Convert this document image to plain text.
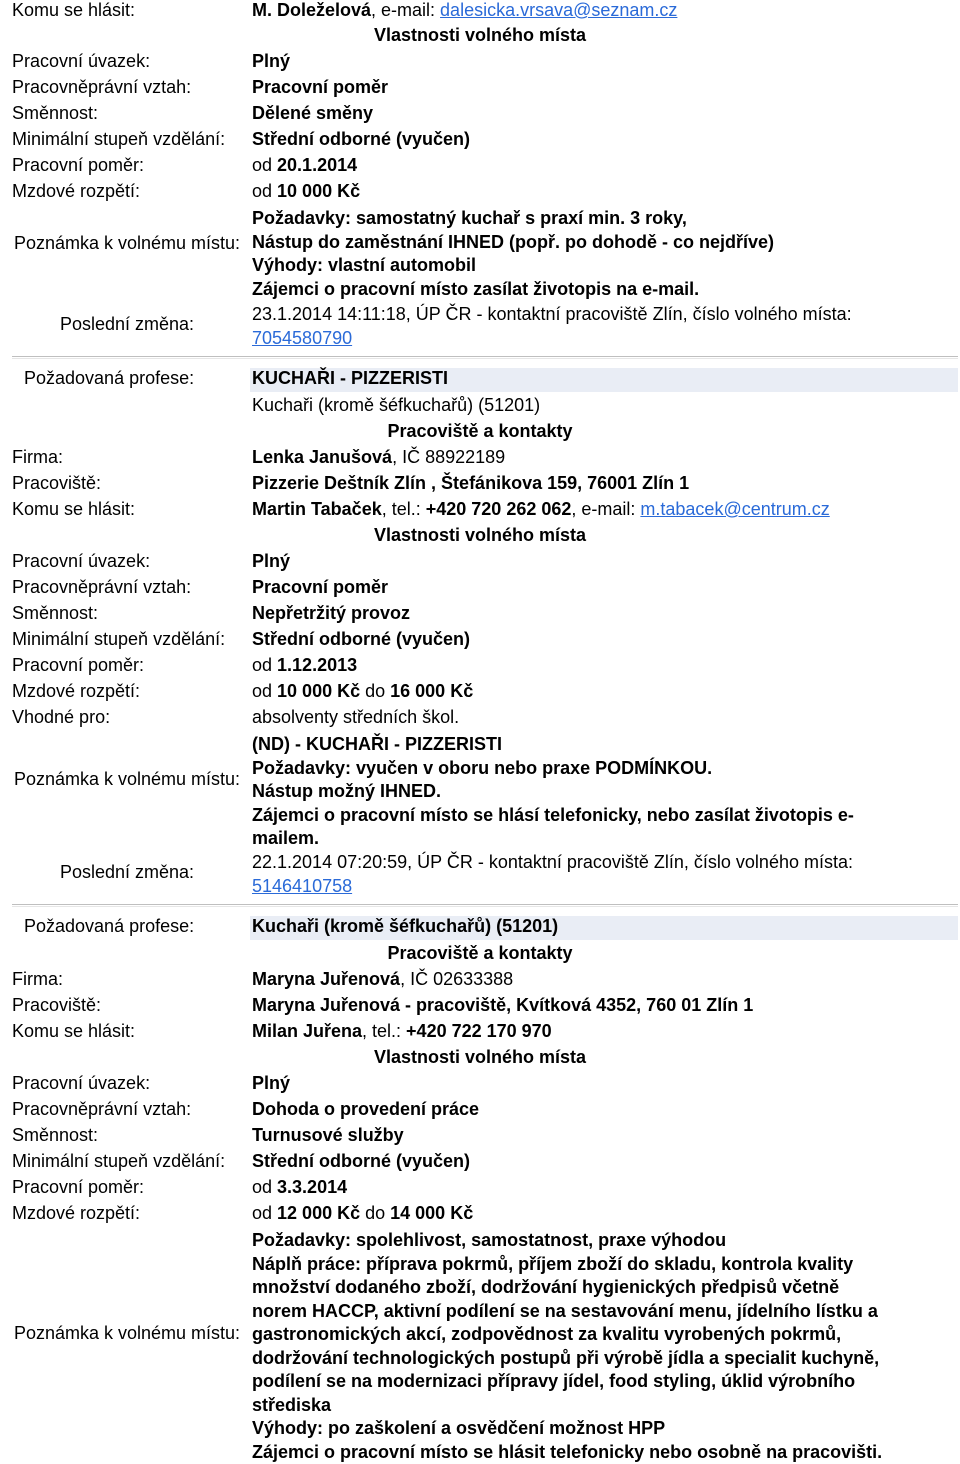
Komu se hlásit:	M. Doleželová, e-mail: dalesicka.vrsava@seznam.cz
Vlastnosti volného místa
Pracovní úvazek:	Plný
Pracovněprávní vztah:	Pracovní poměr
Směnnost:	Dělené směny
Minimální stupeň vzdělání: Střední odborné (vyučen)
Pracovní poměr:	od 20.1.2014
Mzdové rozpětí:	od 10 000 Kč
Poznámka k volnému místu:
Požadavky: samostatný kuchař s praxí min. 3 roky,
Nástup do zaměstnání IHNED (popř. po dohodě - co nejdříve)
Výhody: vlastní automobil
Zájemci o pracovní místo zasílat životopis na e-mail.
Poslední změna:	23.1.2014 14:11:18, ÚP ČR - kontaktní pracoviště Zlín, číslo volného místa:
7054580790
Požadovaná profese:	KUCHAŘI - PIZZERISTI
Kuchaři (kromě šéfkuchařů) (51201)
Pracoviště a kontakty
Firma:	Lenka Janušová, IČ 88922189
Pracoviště:	Pizzerie Deštník Zlín , Štefánikova 159, 76001 Zlín 1
Komu se hlásit:	Martin Tabaček, tel.: +420 720 262 062, e-mail: m.tabacek@centrum.cz
Vlastnosti volného místa
Pracovní úvazek:	Plný
Pracovněprávní vztah:	Pracovní poměr
Směnnost:	Nepřetržitý provoz
Minimální stupeň vzdělání: Střední odborné (vyučen)
Pracovní poměr:	od 1.12.2013
Mzdové rozpětí:	od 10 000 Kč do 16 000 Kč
Vhodné pro:	absolventy středních škol.
Poznámka k volnému místu:
(ND) - KUCHAŘI - PIZZERISTI
Požadavky: vyučen v oboru nebo praxe PODMÍNKOU.
Nástup možný IHNED.
Zájemci o pracovní místo se hlásí telefonicky, nebo zasílat životopis e-
mailem.
Poslední změna:	22.1.2014 07:20:59, ÚP ČR - kontaktní pracoviště Zlín, číslo volného místa:
5146410758
Požadovaná profese:	Kuchaři (kromě šéfkuchařů) (51201)
Pracoviště a kontakty
Firma:	Maryna Juřenová, IČ 02633388
Pracoviště:	Maryna Juřenová - pracoviště, Kvítková 4352, 760 01 Zlín 1
Komu se hlásit:	Milan Juřena, tel.: +420 722 170 970
Vlastnosti volného místa
Pracovní úvazek:	Plný
Pracovněprávní vztah:	Dohoda o provedení práce
Směnnost:	Turnusové služby
Minimální stupeň vzdělání: Střední odborné (vyučen)
Pracovní poměr:	od 3.3.2014
Mzdové rozpětí:	od 12 000 Kč do 14 000 Kč
Poznámka k volnému místu:
Požadavky: spolehlivost, samostatnost, praxe výhodou
Náplň práce: příprava pokrmů, příjem zboží do skladu, kontrola kvality
množství dodaného zboží, dodržování hygienických předpisů včetně
norem HACCP, aktivní podílení se na sestavování menu, jídelního lístku a
gastronomických akcí, zodpovědnost za kvalitu vyrobených pokrmů,
dodržování technologických postupů při výrobě jídla a specialit kuchyně,
podílení se na modernizaci přípravy jídel, food styling, úklid výrobního
střediska
Výhody: po zaškolení a osvědčení možnost HPP
Zájemci o pracovní místo se hlásit telefonicky nebo osobně na pracovišti.
